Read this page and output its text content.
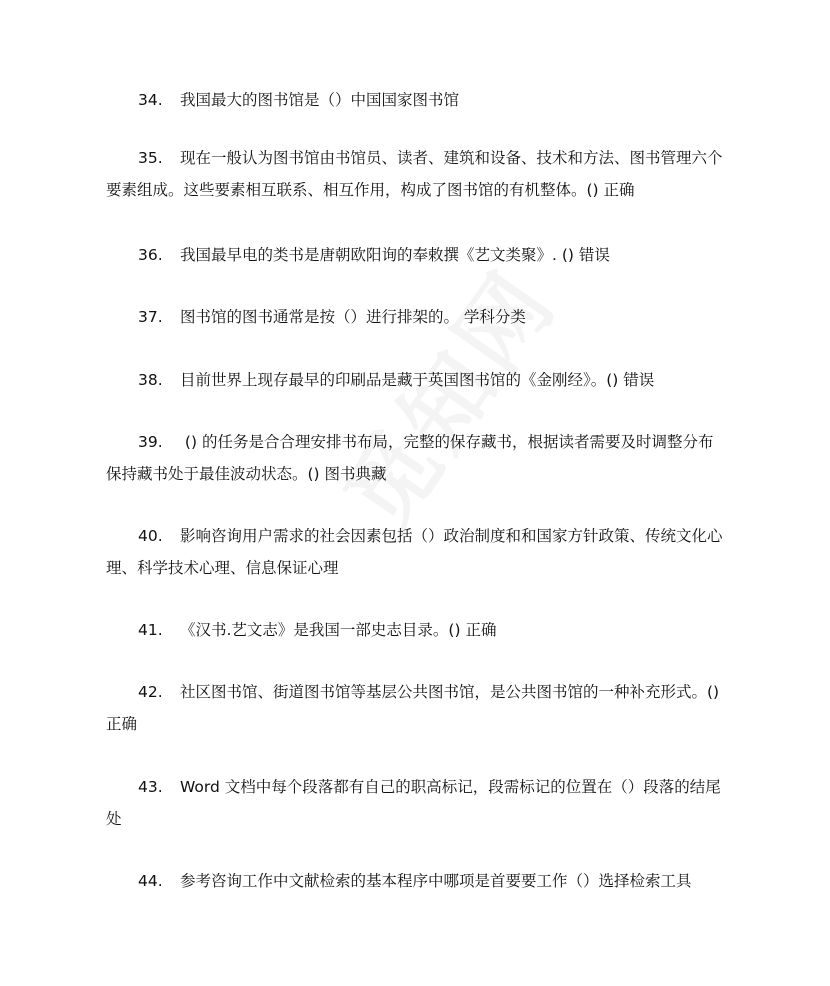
34. 我国最大的图书馆是（）中国国家图书馆
35. 现在一般认为图书馆由书馆员、读者、建筑和设备、技术和方法、图书管理六个
要素组成。这些要素相互联系、相互作用，构成了图书馆的有机整体。() 正确
36. 我国最早电的类书是唐朝欧阳询的奉敕撰《艺文类聚》. () 错误
37. 图书馆的图书通常是按（）进行排架的。 学科分类
38. 目前世界上现存最早的印刷品是藏于英国图书馆的《金刚经》。() 错误
39. () 的任务是合合理安排书布局，完整的保存藏书，根据读者需要及时调整分布
保持藏书处于最佳波动状态。() 图书典藏
40. 影响咨询用户需求的社会因素包括（）政治制度和和国家方针政策、传统文化心
理、科学技术心理、信息保证心理
41. 《汉书.艺文志》是我国一部史志目录。() 正确
42. 社区图书馆、街道图书馆等基层公共图书馆，是公共图书馆的一种补充形式。()
正确
43. Word 文档中每个段落都有自己的职高标记，段需标记的位置在（）段落的结尾
处
44. 参考咨询工作中文献检索的基本程序中哪项是首要要工作（）选择检索工具
